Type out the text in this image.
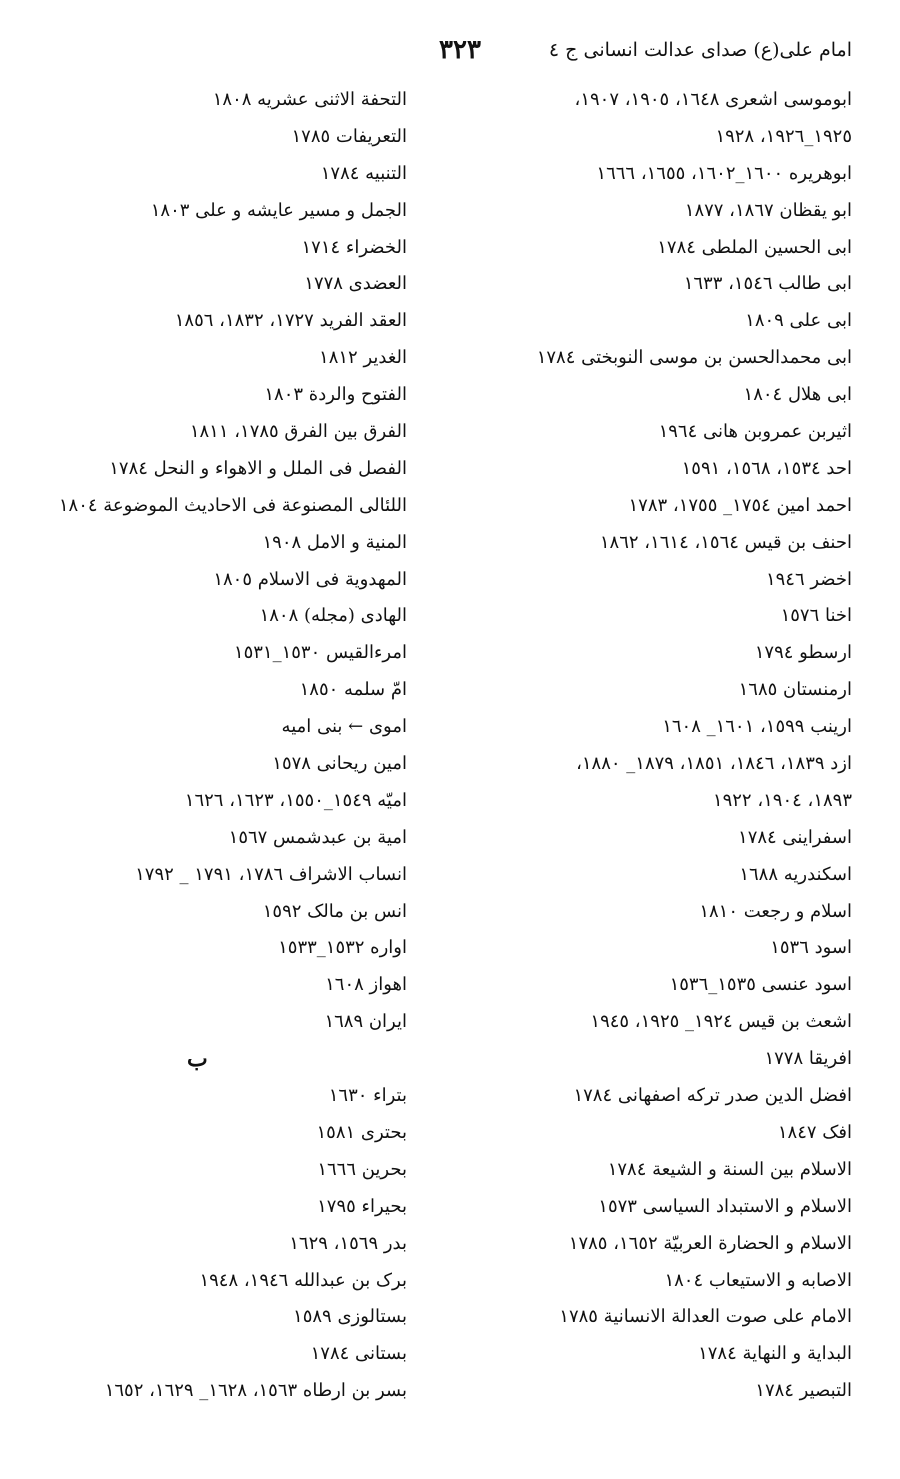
امام علی(ع) صدای عدالت انسانی ج ٤
٣٢٣
ابوموسی اشعری ١٦٤٨، ١٩٠٥، ١٩٠٧،
١٩٢٥_١٩٢٦، ١٩٢٨
ابوهریره ١٦٠٠_١٦٠٢، ١٦٥٥، ١٦٦٦
ابو یقظان ١٨٦٧، ١٨٧٧
ابی الحسین الملطی ١٧٨٤
ابی طالب ١٥٤٦، ١٦٣٣
ابی علی ١٨٠٩
ابی محمدالحسن بن موسی النوبختی ١٧٨٤
ابی هلال ١٨٠٤
اثیربن عمروبن هانی ١٩٦٤
احد ١٥٣٤، ١٥٦٨، ١٥٩١
احمد امین ١٧٥٤_ ١٧٥٥، ١٧٨٣
احنف بن قیس ١٥٦٤، ١٦١٤، ١٨٦٢
اخضر ١٩٤٦
اخنا ١٥٧٦
ارسطو ١٧٩٤
ارمنستان ١٦٨٥
ارینب ١٥٩٩، ١٦٠١_ ١٦٠٨
ازد ١٨٣٩، ١٨٤٦، ١٨٥١، ١٨٧٩_ ١٨٨٠،
١٨٩٣، ١٩٠٤، ١٩٢٢
اسفراینی ١٧٨٤
اسکندریه ١٦٨٨
اسلام و رجعت ١٨١٠
اسود ١٥٣٦
اسود عنسی ١٥٣٥_١٥٣٦
اشعث بن قیس ١٩٢٤_ ١٩٢٥، ١٩٤٥
افریقا ١٧٧٨
افضل الدین صدر ترکه اصفهانی ١٧٨٤
افک ١٨٤٧
الاسلام بین السنة و الشیعة ١٧٨٤
الاسلام و الاستبداد السیاسی ١٥٧٣
الاسلام و الحضارة العربیّة ١٦٥٢، ١٧٨٥
الاصابه و الاستیعاب ١٨٠٤
الامام علی صوت العدالة الانسانیة ١٧٨٥
البدایة و النهایة ١٧٨٤
التبصیر ١٧٨٤
التحفة الاثنی عشریه ١٨٠٨
التعریفات ١٧٨٥
التنبیه ١٧٨٤
الجمل و مسیر عایشه و علی ١٨٠٣
الخضراء ١٧١٤
العضدی ١٧٧٨
العقد الفرید ١٧٢٧، ١٨٣٢، ١٨٥٦
الغدیر ١٨١٢
الفتوح والردة ١٨٠٣
الفرق بین الفرق ١٧٨٥، ١٨١١
الفصل فی الملل و الاهواء و النحل ١٧٨٤
اللئالی المصنوعة فی الاحادیث الموضوعة ١٨٠٤
المنیة و الامل ١٩٠٨
المهدویة فی الاسلام ١٨٠٥
الهادی (مجله) ١٨٠٨
امرءالقیس ١٥٣٠_١٥٣١
امّ سلمه ١٨٥٠
اموی ← بنی امیه
امین ریحانی ١٥٧٨
امیّه ١٥٤٩_١٥٥٠، ١٦٢٣، ١٦٢٦
امیة بن عبدشمس ١٥٦٧
انساب الاشراف ١٧٨٦، ١٧٩١ _ ١٧٩٢
انس بن مالک ١٥٩٢
اواره ١٥٣٢_١٥٣٣
اهواز ١٦٠٨
ایران ١٦٨٩
ب
بتراء ١٦٣٠
بحتری ١٥٨١
بحرین ١٦٦٦
بحیراء ١٧٩٥
بدر ١٥٦٩، ١٦٢٩
برک بن عبدالله ١٩٤٦، ١٩٤٨
بستالوزی ١٥٨٩
بستانی ١٧٨٤
بسر بن ارطاه ١٥٦٣، ١٦٢٨_ ١٦٢٩، ١٦٥٢
